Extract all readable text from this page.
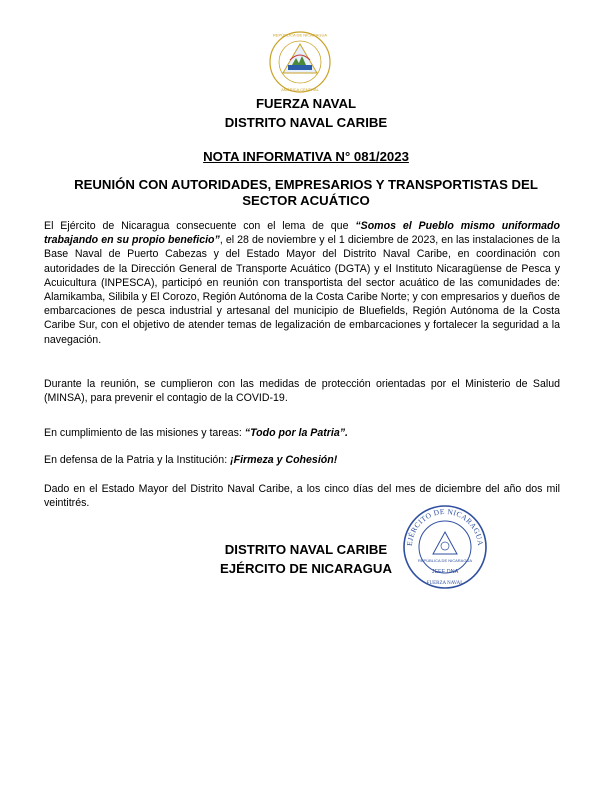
REPÚBLICA DE NICARAGUA
AMÉRICA CENTRAL
FUERZA NAVAL
DISTRITO NAVAL CARIBE
NOTA INFORMATIVA N° 081/2023
REUNIÓN CON AUTORIDADES, EMPRESARIOS Y TRANSPORTISTAS DEL SECTOR ACUÁTICO
El Ejército de Nicaragua consecuente con el lema de que “Somos el Pueblo mismo uniformado trabajando en su propio beneficio”, el 28 de noviembre y el 1 diciembre de 2023, en las instalaciones de la Base Naval de Puerto Cabezas y del Estado Mayor del Distrito Naval Caribe, en coordinación con autoridades de la Dirección General de Transporte Acuático (DGTA) y el Instituto Nicaragüense de Pesca y Acuicultura (INPESCA), participó en reunión con transportista del sector acuático de las comunidades de: Alamikamba, Silibila y El Corozo, Región Autónoma de la Costa Caribe Norte; y con empresarios y dueños de embarcaciones de pesca industrial y artesanal del municipio de Bluefields, Región Autónoma de la Costa Caribe Sur, con el objetivo de atender temas de legalización de embarcaciones y fortalecer la seguridad a la navegación.
Durante la reunión, se cumplieron con las medidas de protección orientadas por el Ministerio de Salud (MINSA), para prevenir el contagio de la COVID-19.
En cumplimiento de las misiones y tareas: “Todo por la Patria”.
En defensa de la Patria y la Institución: ¡Firmeza y Cohesión!
Dado en el Estado Mayor del Distrito Naval Caribe, a los cinco días del mes de diciembre del año dos mil veintitrés.
DISTRITO NAVAL CARIBE
EJÉRCITO DE NICARAGUA
EJÉRCITO DE NICARAGUA
REPÚBLICA DE NICARAGUA
JEFE DNA
FUERZA NAVAL
